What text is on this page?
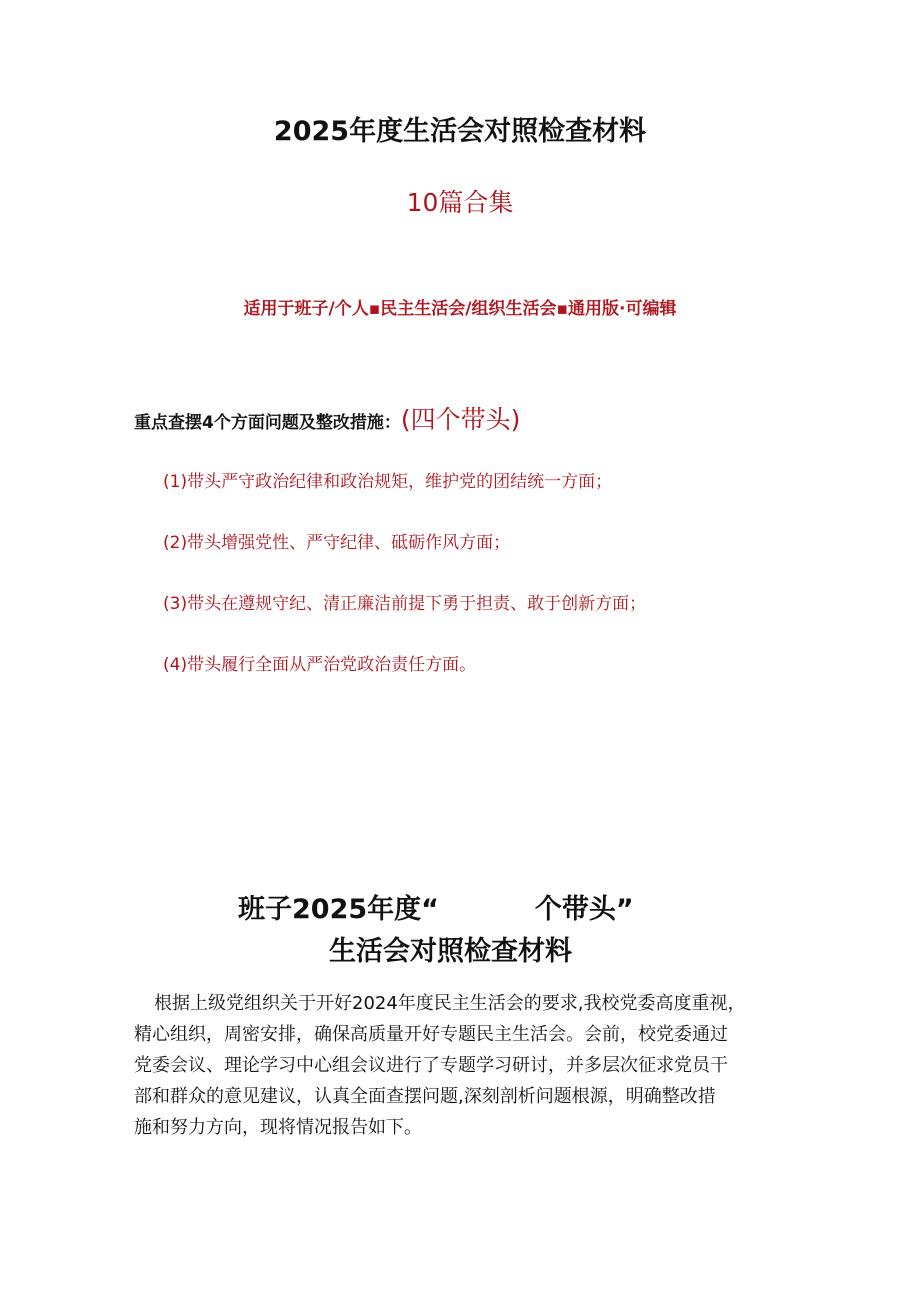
2025年度生活会对照检查材料
10篇合集
适用于班子/个人▪民主生活会/组织生活会▪通用版·可编辑
重点查摆4个方面问题及整改措施：(四个带头)
(1)带头严守政治纪律和政治规矩，维护党的团结统一方面；
(2)带头增强党性、严守纪律、砥砺作风方面；
(3)带头在遵规守纪、清正廉洁前提下勇于担责、敢于创新方面；
(4)带头履行全面从严治党政治责任方面。
班子2025年度“	个带头”
生活会对照检查材料
根据上级党组织关于开好2024年度民主生活会的要求,我校党委高度重视，
精心组织，周密安排，确保高质量开好专题民主生活会。会前，校党委通过
党委会议、理论学习中心组会议进行了专题学习研讨，并多层次征求党员干
部和群众的意见建议，认真全面查摆问题,深刻剖析问题根源，明确整改措
施和努力方向，现将情况报告如下。
